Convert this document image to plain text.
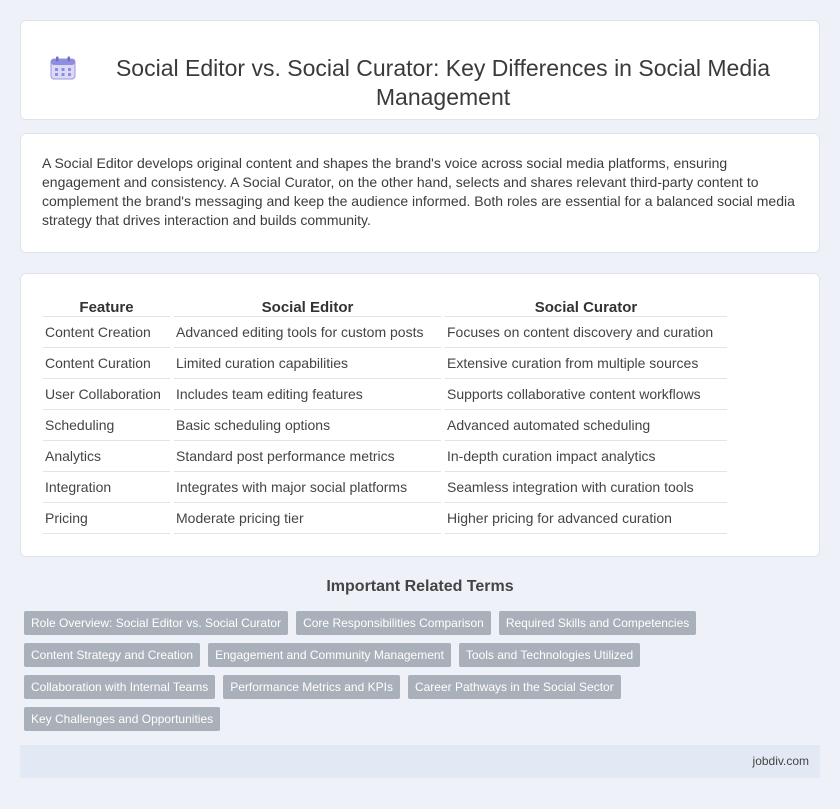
Social Editor vs. Social Curator: Key Differences in Social Media Management

A Social Editor develops original content and shapes the brand's voice across social media platforms, ensuring engagement and consistency. A Social Curator, on the other hand, selects and shares relevant third-party content to complement the brand's messaging and keep the audience informed. Both roles are essential for a balanced social media strategy that drives interaction and builds community.

Feature	Social Editor	Social Curator
Content Creation	Advanced editing tools for custom posts	Focuses on content discovery and curation
Content Curation	Limited curation capabilities	Extensive curation from multiple sources
User Collaboration	Includes team editing features	Supports collaborative content workflows
Scheduling	Basic scheduling options	Advanced automated scheduling
Analytics	Standard post performance metrics	In-depth curation impact analytics
Integration	Integrates with major social platforms	Seamless integration with curation tools
Pricing	Moderate pricing tier	Higher pricing for advanced curation
Important Related Terms
Role Overview: Social Editor vs. Social Curator	Core Responsibilities Comparison	Required Skills and Competencies
Content Strategy and Creation	Engagement and Community Management	Tools and Technologies Utilized
Collaboration with Internal Teams	Performance Metrics and KPIs	Career Pathways in the Social Sector
Key Challenges and Opportunities
jobdiv.com
